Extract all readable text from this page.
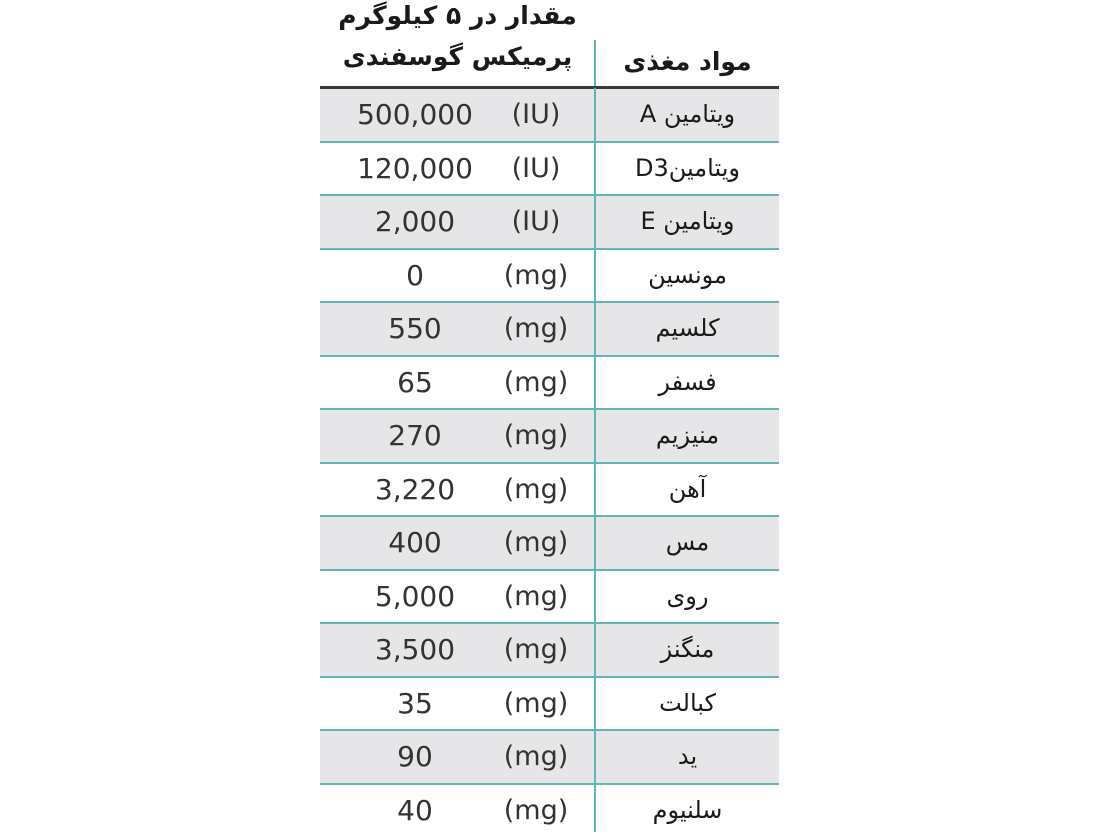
مقدار در ۵ کیلوگرم
پرمیکس گوسفندی	مواد مغذی
500,000	(IU)	ویتامین A
120,000	(IU)	ویتامینD3
2,000	(IU)	ویتامین E
0	(mg)	مونسین
550	(mg)	کلسیم
65	(mg)	فسفر
270	(mg)	منیزیم
3,220	(mg)	آهن
400	(mg)	مس
5,000	(mg)	روی
3,500	(mg)	منگنز
35	(mg)	کبالت
90	(mg)	ید
40	(mg)	سلنیوم
